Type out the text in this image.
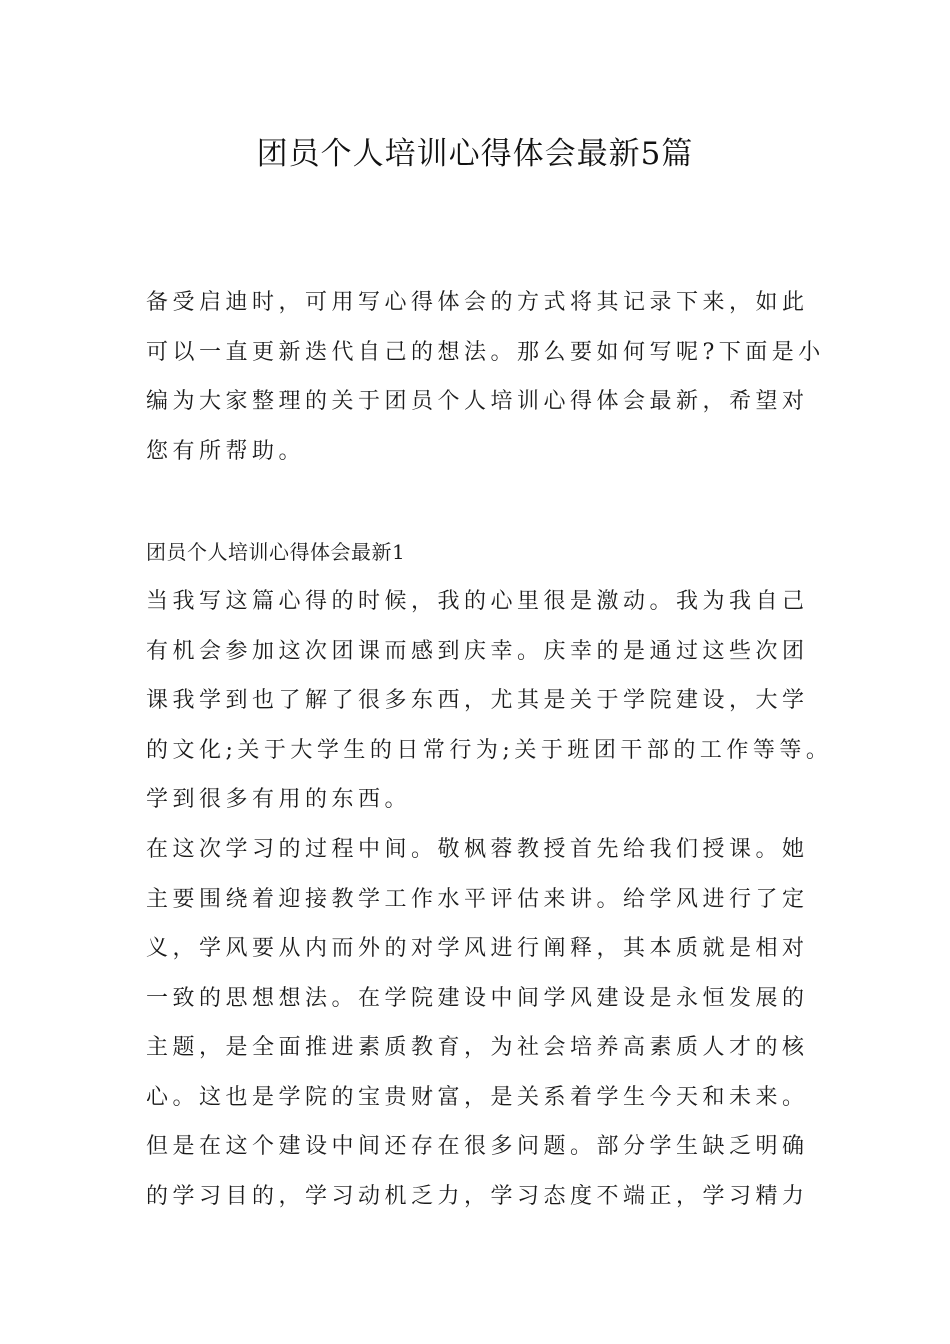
团员个人培训心得体会最新5篇

备受启迪时，可用写心得体会的方式将其记录下来，如此
可以一直更新迭代自己的想法。那么要如何写呢?下面是小
编为大家整理的关于团员个人培训心得体会最新，希望对
您有所帮助。

团员个人培训心得体会最新1

当我写这篇心得的时候，我的心里很是激动。我为我自己
有机会参加这次团课而感到庆幸。庆幸的是通过这些次团
课我学到也了解了很多东西，尤其是关于学院建设，大学
的文化;关于大学生的日常行为;关于班团干部的工作等等。
学到很多有用的东西。

在这次学习的过程中间。敬枫蓉教授首先给我们授课。她
主要围绕着迎接教学工作水平评估来讲。给学风进行了定
义，学风要从内而外的对学风进行阐释，其本质就是相对
一致的思想想法。在学院建设中间学风建设是永恒发展的
主题，是全面推进素质教育，为社会培养高素质人才的核
心。这也是学院的宝贵财富，是关系着学生今天和未来。
但是在这个建设中间还存在很多问题。部分学生缺乏明确
的学习目的，学习动机乏力，学习态度不端正，学习精力
